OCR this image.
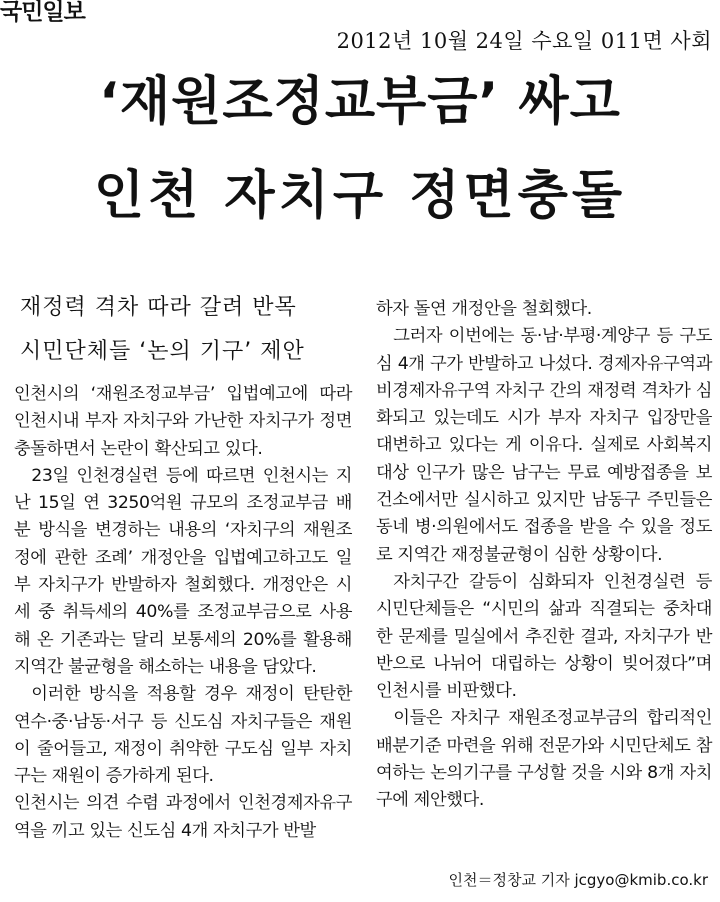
국민일보
2012년 10월 24일 수요일 011면 사회
‘재원조정교부금’ 싸고
인천 자치구 정면충돌
재정력 격차 따라 갈려 반목
시민단체들 ‘논의 기구’ 제안

인천시의 ‘재원조정교부금’ 입법예고에 따라 인천시내 부자 자치구와 가난한 자치구가 정면충돌하면서 논란이 확산되고 있다.

23일 인천경실련 등에 따르면 인천시는 지난 15일 연 3250억원 규모의 조정교부금 배분 방식을 변경하는 내용의 ‘자치구의 재원조정에 관한 조례’ 개정안을 입법예고하고도 일부 자치구가 반발하자 철회했다. 개정안은 시세 중 취득세의 40%를 조정교부금으로 사용해 온 기존과는 달리 보통세의 20%를 활용해 지역간 불균형을 해소하는 내용을 담았다.

이러한 방식을 적용할 경우 재정이 탄탄한 연수·중·남동·서구 등 신도심 자치구들은 재원이 줄어들고, 재정이 취약한 구도심 일부 자치구는 재원이 증가하게 된다.

인천시는 의견 수렴 과정에서 인천경제자유구역을 끼고 있는 신도심 4개 자치구가 반발

하자 돌연 개정안을 철회했다.

그러자 이번에는 동·남·부평·계양구 등 구도심 4개 구가 반발하고 나섰다. 경제자유구역과 비경제자유구역 자치구 간의 재정력 격차가 심화되고 있는데도 시가 부자 자치구 입장만을 대변하고 있다는 게 이유다. 실제로 사회복지 대상 인구가 많은 남구는 무료 예방접종을 보건소에서만 실시하고 있지만 남동구 주민들은 동네 병·의원에서도 접종을 받을 수 있을 정도로 지역간 재정불균형이 심한 상황이다.

자치구간 갈등이 심화되자 인천경실련 등 시민단체들은 “시민의 삶과 직결되는 중차대한 문제를 밀실에서 추진한 결과, 자치구가 반반으로 나뉘어 대립하는 상황이 빚어졌다”며 인천시를 비판했다.

이들은 자치구 재원조정교부금의 합리적인 배분기준 마련을 위해 전문가와 시민단체도 참여하는 논의기구를 구성할 것을 시와 8개 자치구에 제안했다.

인천＝정창교 기자 jcgyo@kmib.co.kr
